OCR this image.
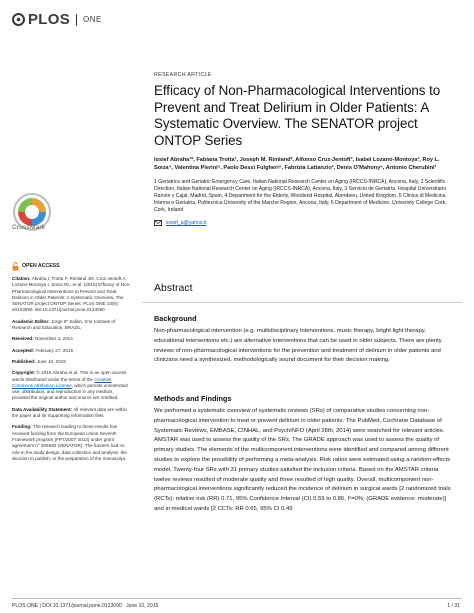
PLOS ONE
RESEARCH ARTICLE
Efficacy of Non-Pharmacological Interventions to Prevent and Treat Delirium in Older Patients: A Systematic Overview. The SENATOR project ONTOP Series
Iosief Abraha¹*, Fabiana Trotta¹, Joseph M. Rimland², Alfonso Cruz-Jentoft³, Isabel Lozano-Montoya³, Roy L. Soiza⁴, Valentina Pierini⁵, Paolo Dessì Fulgheri⁵, Fabrizia Lattanzio², Denis O'Mahony⁶, Antonio Cherubini¹
1 Geriatrics and Geriatric Emergency Care, Italian National Research Center on Aging (IRCCS-INRCA), Ancona, Italy, 2 Scientific Direction, Italian National Research Center on Aging (IRCCS-INRCA), Ancona, Italy, 3 Servicio de Geriatría, Hospital Universitario Ramón y Cajal, Madrid, Spain, 4 Department for the Elderly, Woodend Hospital, Aberdeen, United Kingdom, 5 Clinica di Medicina Interna e Geriatria, Politecnica University of the Marche Region, Ancona, Italy, 6 Department of Medicine, University College Cork, Cork, Ireland
iosief_a@yahoo.it
CrossMark
OPEN ACCESS

Citation: Abraha I, Trotta F, Rimland JM, Cruz-Jentoft A, Lozano-Montoya I, Soiza RL, et al. (2015) Efficacy of Non-Pharmacological Interventions to Prevent and Treat Delirium in Older Patients: A Systematic Overview. The SENATOR project ONTOP Series. PLoS ONE 10(6): e0123090. doi:10.1371/journal.pone.0123090

Academic Editor: Jorge IF Salluh, D'or Institute of Research and Education, BRAZIL

Received: November 4, 2014

Accepted: February 27, 2015

Published: June 10, 2015

Copyright: © 2015 Abraha et al. This is an open access article distributed under the terms of the Creative Commons Attribution License, which permits unrestricted use, distribution, and reproduction in any medium, provided the original author and source are credited.

Data Availability Statement: All relevant data are within the paper and its Supporting Information files.

Funding: The research leading to these results has received funding from the European Union Seventh Framework program (FP7/2007-2013) under grant agreement n° 305930 (SENATOR). The funders had no role in the study design, data collection and analysis, the decision to publish, or the preparation of the manuscript.

Abstract
Background
Non-pharmacological intervention (e.g. multidisciplinary interventions, music therapy, bright light therapy, educational interventions etc.) are alternative interventions that can be used in older subjects. There are plenty reviews of non-pharmacological interventions for the prevention and treatment of delirium in older patients and clinicians need a synthesized, methodologically sound document for their decision making.
Methods and Findings
We performed a systematic overview of systematic reviews (SRs) of comparative studies concerning non-pharmacological intervention to treat or prevent delirium in older patients. The PubMed, Cochrane Database of Systematic Reviews, EMBASE, CINHAL, and PsychINFO (April 28th, 2014) were searched for relevant articles. AMSTAR was used to assess the quality of the SRs. The GRADE approach was used to assess the quality of primary studies. The elements of the multicomponent interventions were identified and compared among different studies to explore the possibility of performing a meta-analysis. Risk ratios were estimated using a random-effects model. Twenty-four SRs with 31 primary studies satisfied the inclusion criteria. Based on the AMSTAR criteria twelve reviews resulted of moderate quality and three resulted of high quality. Overall, multicomponent non-pharmacological interventions significantly reduced the incidence of delirium in surgical wards [2 randomized trials (RCTs): relative risk (RR) 0.71, 95% Confidence Interval (CI) 0.59 to 0.86, I²=0%; (GRADE evidence: moderate)] and in medical wards [2 CCTs: RR 0.65, 95% CI 0.49
PLOS ONE | DOI:10.1371/journal.pone.0123090 June 10, 2015	1 / 31
